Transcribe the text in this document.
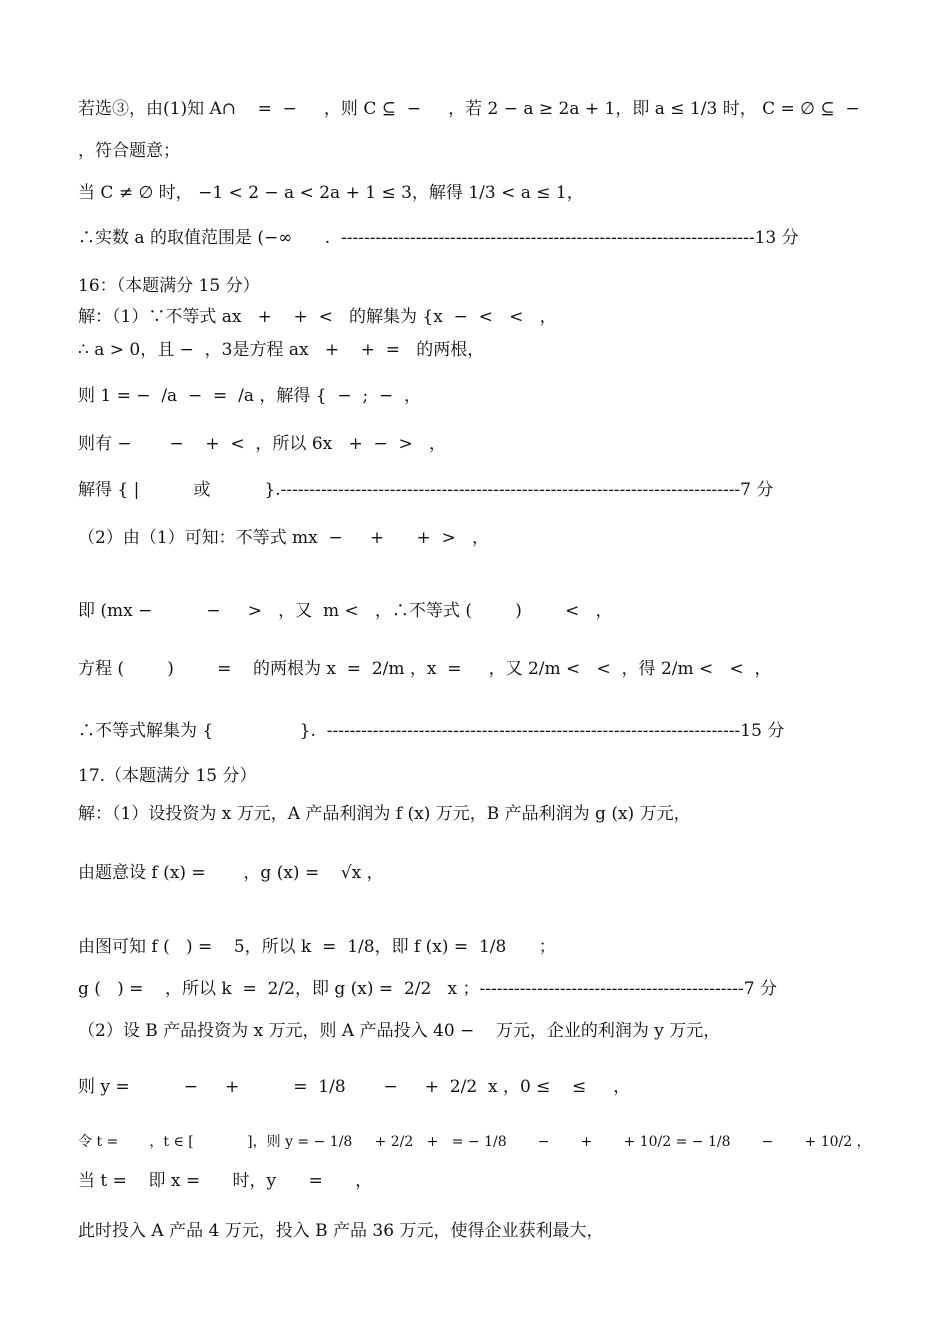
若选③，由(1)知 A∩    =  −     ，则 C ⊆  −     ，若 2 − a ≥ 2a + 1，即 a ≤ 1/3 时， C = ∅ ⊆  −
，符合题意；
当 C ≠ ∅ 时， −1 < 2 − a < 2a + 1 ≤ 3，解得 1/3 < a ≤ 1，
∴实数 a 的取值范围是 (−∞      .  ------------------------------------------------------------------------13 分
16：（本题满分 15 分）
解：（1）∵不等式 ax   +    +  <   的解集为 {x  −  <   <   ，
∴ a > 0，且 −  ，3是方程 ax   +    +  =   的两根，
则 1 = −  /a  −  =  /a ，解得 {  −  ;  −  ，
则有 −       −    +  <  ，所以 6x   +  −  >   ，
解得 { |          或          }.--------------------------------------------------------------------------------7 分
（2）由（1）可知：不等式 mx  −     +      +  >   ，
即 (mx −          −     >   ，又  m <   ，∴不等式 (        )        <   ，
方程 (        )        =    的两根为 x  =  2/m ，x  =     ，又 2/m <   <  ，得 2/m <   <  ，
∴不等式解集为 {                }.  ------------------------------------------------------------------------15 分
17.（本题满分 15 分）
解：（1）设投资为 x 万元，A 产品利润为 f (x) 万元，B 产品利润为 g (x) 万元，
由题意设 f (x) =       ，g (x) =    √x ，
由图可知 f (   ) =    5，所以 k  =  1/8，即 f (x) =  1/8      ；
g (   ) =    ，所以 k  =  2/2，即 g (x) =  2/2   x ；----------------------------------------------7 分
（2）设 B 产品投资为 x 万元，则 A 产品投入 40 −    万元，企业的利润为 y 万元，
则 y =          −     +          =  1/8       −     +  2/2  x ，0 ≤    ≤     ，
令 t =       ，t ∈ [            ]，则 y = − 1/8     + 2/2   +   = − 1/8       −       +       + 10/2 = − 1/8       −       + 10/2 ，
当 t =    即 x =      时，y      =      ，
此时投入 A 产品 4 万元，投入 B 产品 36 万元，使得企业获利最大，
